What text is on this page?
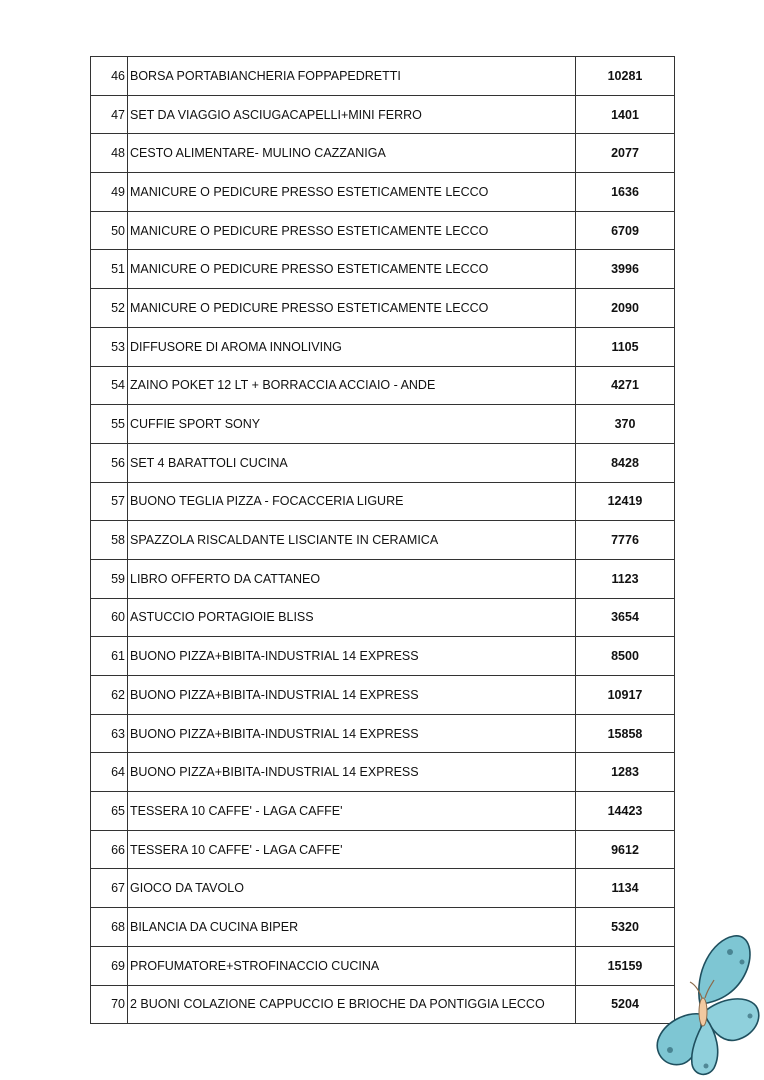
46	BORSA PORTABIANCHERIA FOPPAPEDRETTI	10281
47	SET DA VIAGGIO ASCIUGACAPELLI+MINI FERRO	1401
48	CESTO ALIMENTARE- MULINO CAZZANIGA	2077
49	MANICURE O PEDICURE PRESSO ESTETICAMENTE LECCO	1636
50	MANICURE O PEDICURE PRESSO ESTETICAMENTE LECCO	6709
51	MANICURE O PEDICURE PRESSO ESTETICAMENTE LECCO	3996
52	MANICURE O PEDICURE PRESSO ESTETICAMENTE LECCO	2090
53	DIFFUSORE DI AROMA INNOLIVING	1105
54	ZAINO POKET 12 LT + BORRACCIA ACCIAIO - ANDE	4271
55	CUFFIE SPORT SONY	370
56	SET 4 BARATTOLI CUCINA	8428
57	BUONO TEGLIA PIZZA - FOCACCERIA LIGURE	12419
58	SPAZZOLA RISCALDANTE LISCIANTE IN CERAMICA	7776
59	LIBRO OFFERTO DA CATTANEO	1123
60	ASTUCCIO PORTAGIOIE BLISS	3654
61	BUONO PIZZA+BIBITA-INDUSTRIAL 14 EXPRESS	8500
62	BUONO PIZZA+BIBITA-INDUSTRIAL 14 EXPRESS	10917
63	BUONO PIZZA+BIBITA-INDUSTRIAL 14 EXPRESS	15858
64	BUONO PIZZA+BIBITA-INDUSTRIAL 14 EXPRESS	1283
65	TESSERA 10 CAFFE' - LAGA CAFFE'	14423
66	TESSERA 10 CAFFE' - LAGA CAFFE'	9612
67	GIOCO DA TAVOLO	1134
68	BILANCIA DA CUCINA BIPER	5320
69	PROFUMATORE+STROFINACCIO CUCINA	15159
70	2 BUONI COLAZIONE CAPPUCCIO E BRIOCHE DA PONTIGGIA LECCO	5204
